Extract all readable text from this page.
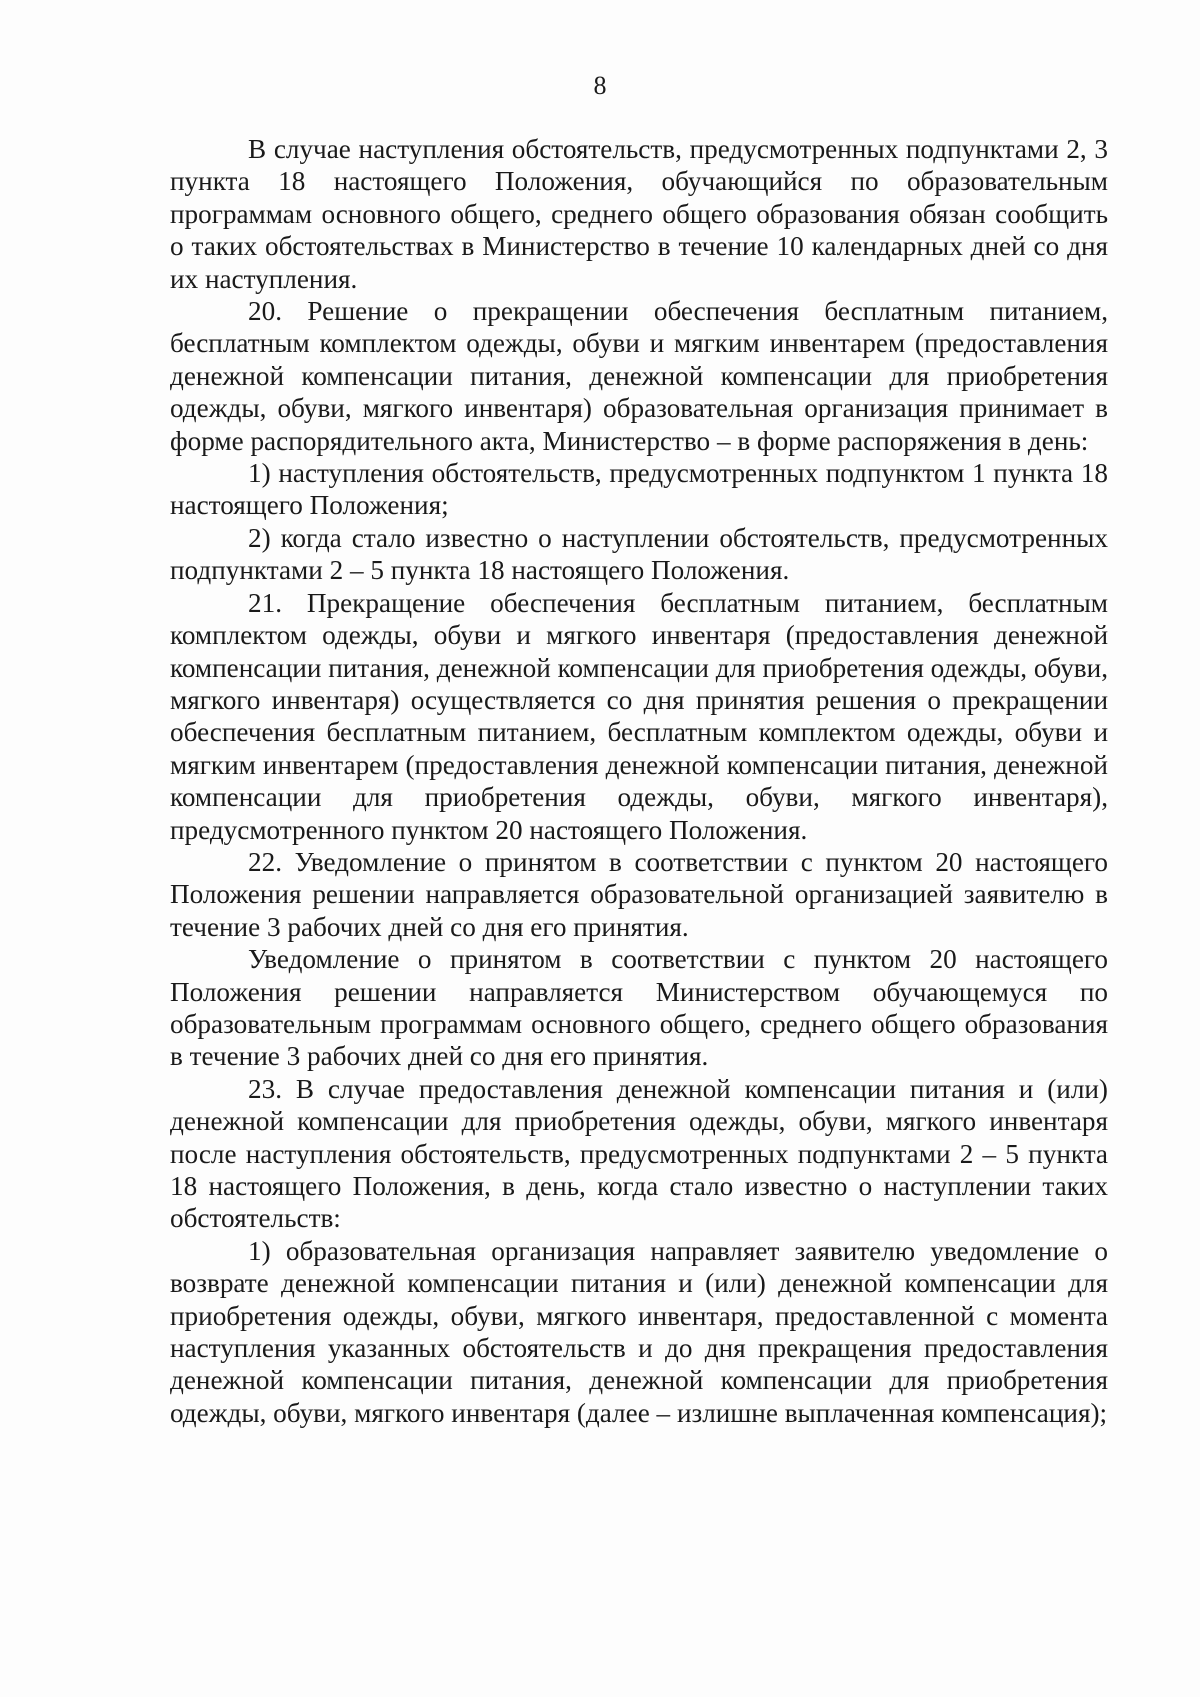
8

В случае наступления обстоятельств, предусмотренных подпунктами 2, 3 пункта 18 настоящего Положения, обучающийся по образовательным программам основного общего, среднего общего образования обязан сообщить о таких обстоятельствах в Министерство в течение 10 календарных дней со дня их наступления.

20. Решение о прекращении обеспечения бесплатным питанием, бесплатным комплектом одежды, обуви и мягким инвентарем (предоставления денежной компенсации питания, денежной компенсации для приобретения одежды, обуви, мягкого инвентаря) образовательная организация принимает в форме распорядительного акта, Министерство – в форме распоряжения в день:

1) наступления обстоятельств, предусмотренных подпунктом 1 пункта 18 настоящего Положения;

2) когда стало известно о наступлении обстоятельств, предусмотренных подпунктами 2 – 5 пункта 18 настоящего Положения.

21. Прекращение обеспечения бесплатным питанием, бесплатным комплектом одежды, обуви и мягкого инвентаря (предоставления денежной компенсации питания, денежной компенсации для приобретения одежды, обуви, мягкого инвентаря) осуществляется со дня принятия решения о прекращении обеспечения бесплатным питанием, бесплатным комплектом одежды, обуви и мягким инвентарем (предоставления денежной компенсации питания, денежной компенсации для приобретения одежды, обуви, мягкого инвентаря), предусмотренного пунктом 20 настоящего Положения.

22. Уведомление о принятом в соответствии с пунктом 20 настоящего Положения решении направляется образовательной организацией заявителю в течение 3 рабочих дней со дня его принятия.

Уведомление о принятом в соответствии с пунктом 20 настоящего Положения решении направляется Министерством обучающемуся по образовательным программам основного общего, среднего общего образования в течение 3 рабочих дней со дня его принятия.

23. В случае предоставления денежной компенсации питания и (или) денежной компенсации для приобретения одежды, обуви, мягкого инвентаря после наступления обстоятельств, предусмотренных подпунктами 2 – 5 пункта 18 настоящего Положения, в день, когда стало известно о наступлении таких обстоятельств:

1) образовательная организация направляет заявителю уведомление о возврате денежной компенсации питания и (или) денежной компенсации для приобретения одежды, обуви, мягкого инвентаря, предоставленной с момента наступления указанных обстоятельств и до дня прекращения предоставления денежной компенсации питания, денежной компенсации для приобретения одежды, обуви, мягкого инвентаря (далее – излишне выплаченная компенсация);
